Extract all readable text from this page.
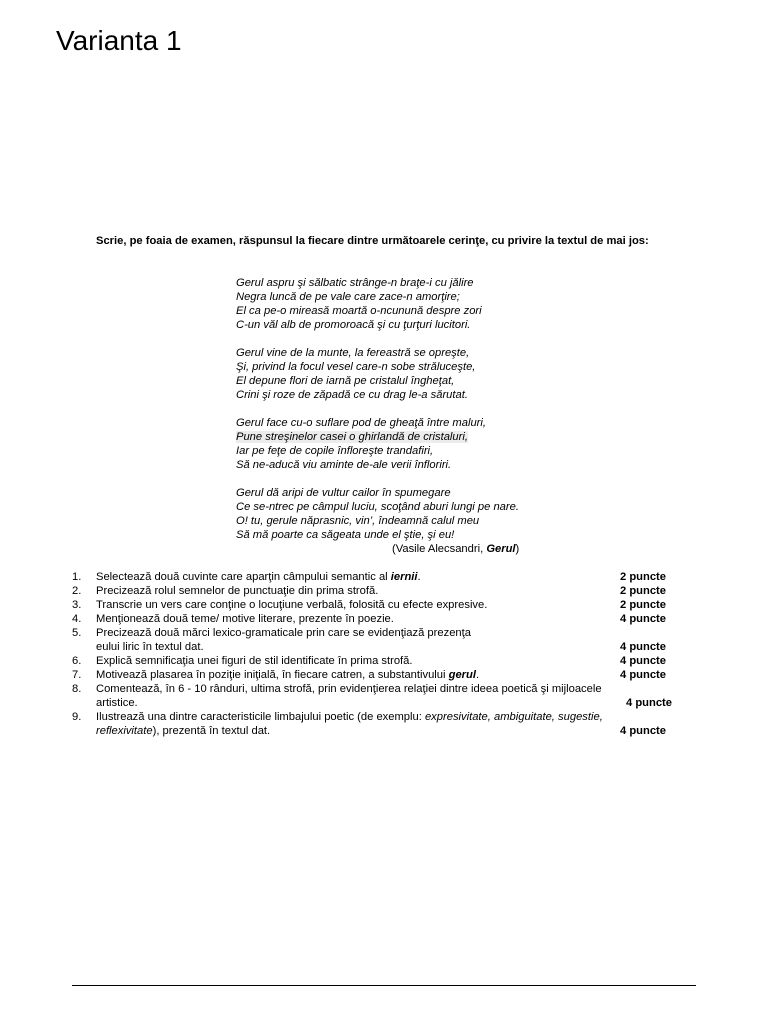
Varianta 1

Scrie, pe foaia de examen, răspunsul la fiecare dintre următoarele cerinţe, cu privire la textul de mai jos:

Gerul aspru şi sălbatic strânge-n braţe-i cu jălire
Negra luncă de pe vale care zace-n amorţire;
El ca pe-o mireasă moartă o-ncunună despre zori
C-un văl alb de promoroacă şi cu ţurţuri lucitori.
Gerul vine de la munte, la fereastră se opreşte,
Şi, privind la focul vesel care-n sobe străluceşte,
El depune flori de iarnă pe cristalul îngheţat,
Crini şi roze de zăpadă ce cu drag le-a sărutat.
Gerul face cu-o suflare pod de gheaţă între maluri,
Pune streşinelor casei o ghirlandă de cristaluri,
Iar pe feţe de copile înfloreşte trandafiri,
Să ne-aducă viu aminte de-ale verii înfloriri.
Gerul dă aripi de vultur cailor în spumegare
Ce se-ntrec pe câmpul luciu, scoţând aburi lungi pe nare.
O! tu, gerule năprasnic, vin’, îndeamnă calul meu
Să mă poarte ca săgeata unde el ştie, şi eu!
(Vasile Alecsandri, Gerul)
1. Selectează două cuvinte care aparţin câmpului semantic al iernii.	2 puncte
2. Precizează rolul semnelor de punctuaţie din prima strofă.	2 puncte
3. Transcrie un vers care conţine o locuţiune verbală, folosită cu efecte expresive.	2 puncte
4. Menţionează două teme/ motive literare, prezente în poezie.	4 puncte
5. Precizează două mărci lexico-gramaticale prin care se evidenţiază prezenţa eului liric în textul dat.	4 puncte
6. Explică semnificaţia unei figuri de stil identificate în prima strofă.	4 puncte
7. Motivează plasarea în poziţie iniţială, în fiecare catren, a substantivului gerul.	4 puncte
8. Comentează, în 6 - 10 rânduri, ultima strofă, prin evidenţierea relaţiei dintre ideea poetică şi mijloacele artistice.	4 puncte
9. Ilustrează una dintre caracteristicile limbajului poetic (de exemplu: expresivitate, ambiguitate, sugestie, reflexivitate), prezentă în textul dat.	4 puncte
